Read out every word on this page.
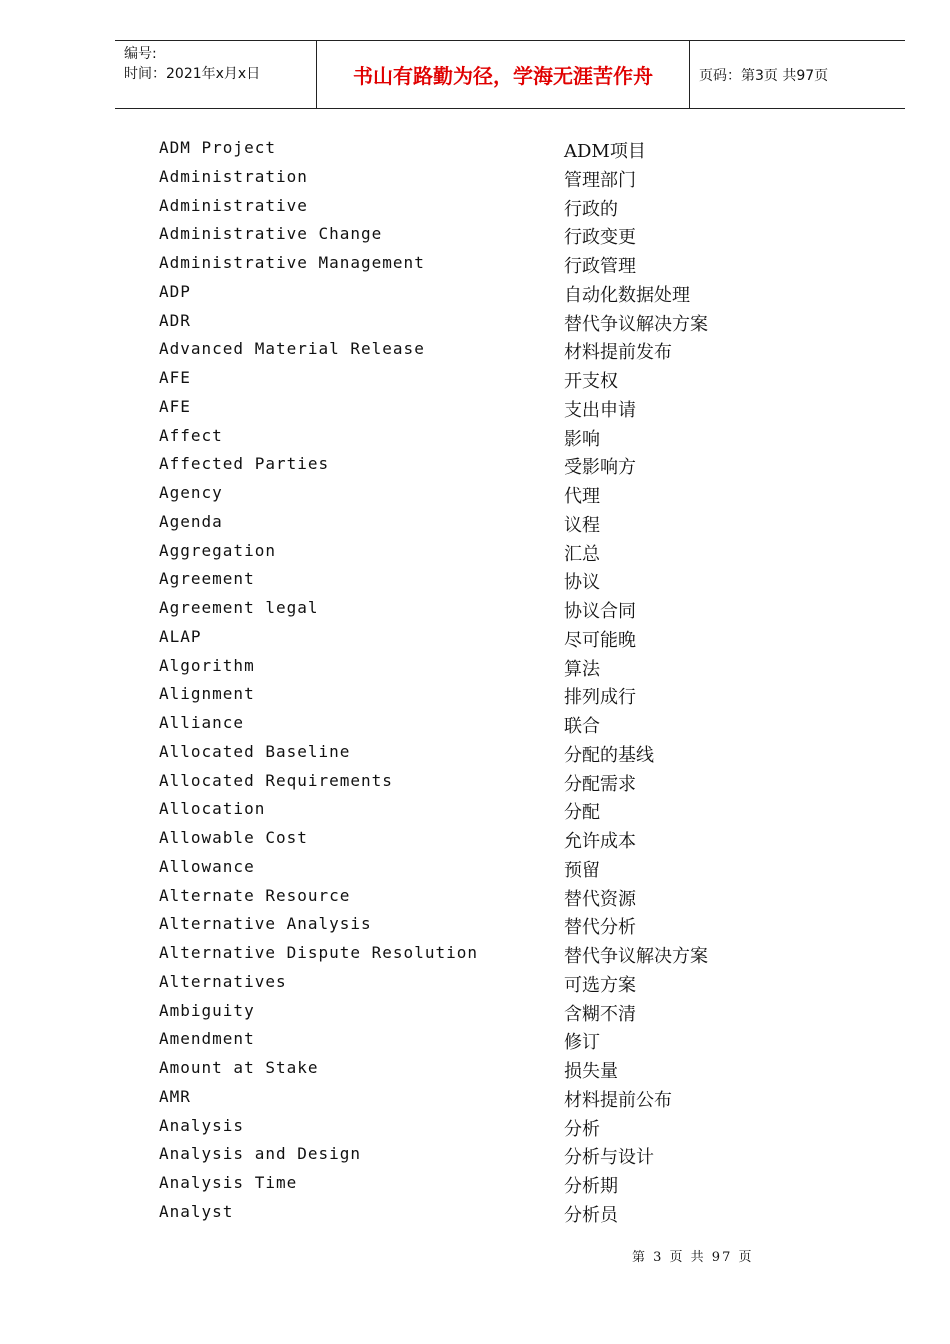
编号:
时间：2021年x月x日	书山有路勤为径，学海无涯苦作舟	页码：第3页 共97页
ADM Project	ADM项目
Administration	管理部门
Administrative	行政的
Administrative Change	行政变更
Administrative Management	行政管理
ADP	自动化数据处理
ADR	替代争议解决方案
Advanced Material Release	材料提前发布
AFE	开支权
AFE	支出申请
Affect	影响
Affected Parties	受影响方
Agency	代理
Agenda	议程
Aggregation	汇总
Agreement	协议
Agreement legal	协议合同
ALAP	尽可能晚
Algorithm	算法
Alignment	排列成行
Alliance	联合
Allocated Baseline	分配的基线
Allocated Requirements	分配需求
Allocation	分配
Allowable Cost	允许成本
Allowance	预留
Alternate Resource	替代资源
Alternative Analysis	替代分析
Alternative Dispute Resolution	替代争议解决方案
Alternatives	可选方案
Ambiguity	含糊不清
Amendment	修订
Amount at Stake	损失量
AMR	材料提前公布
Analysis	分析
Analysis and Design	分析与设计
Analysis Time	分析期
Analyst	分析员
第 3 页 共 97 页
